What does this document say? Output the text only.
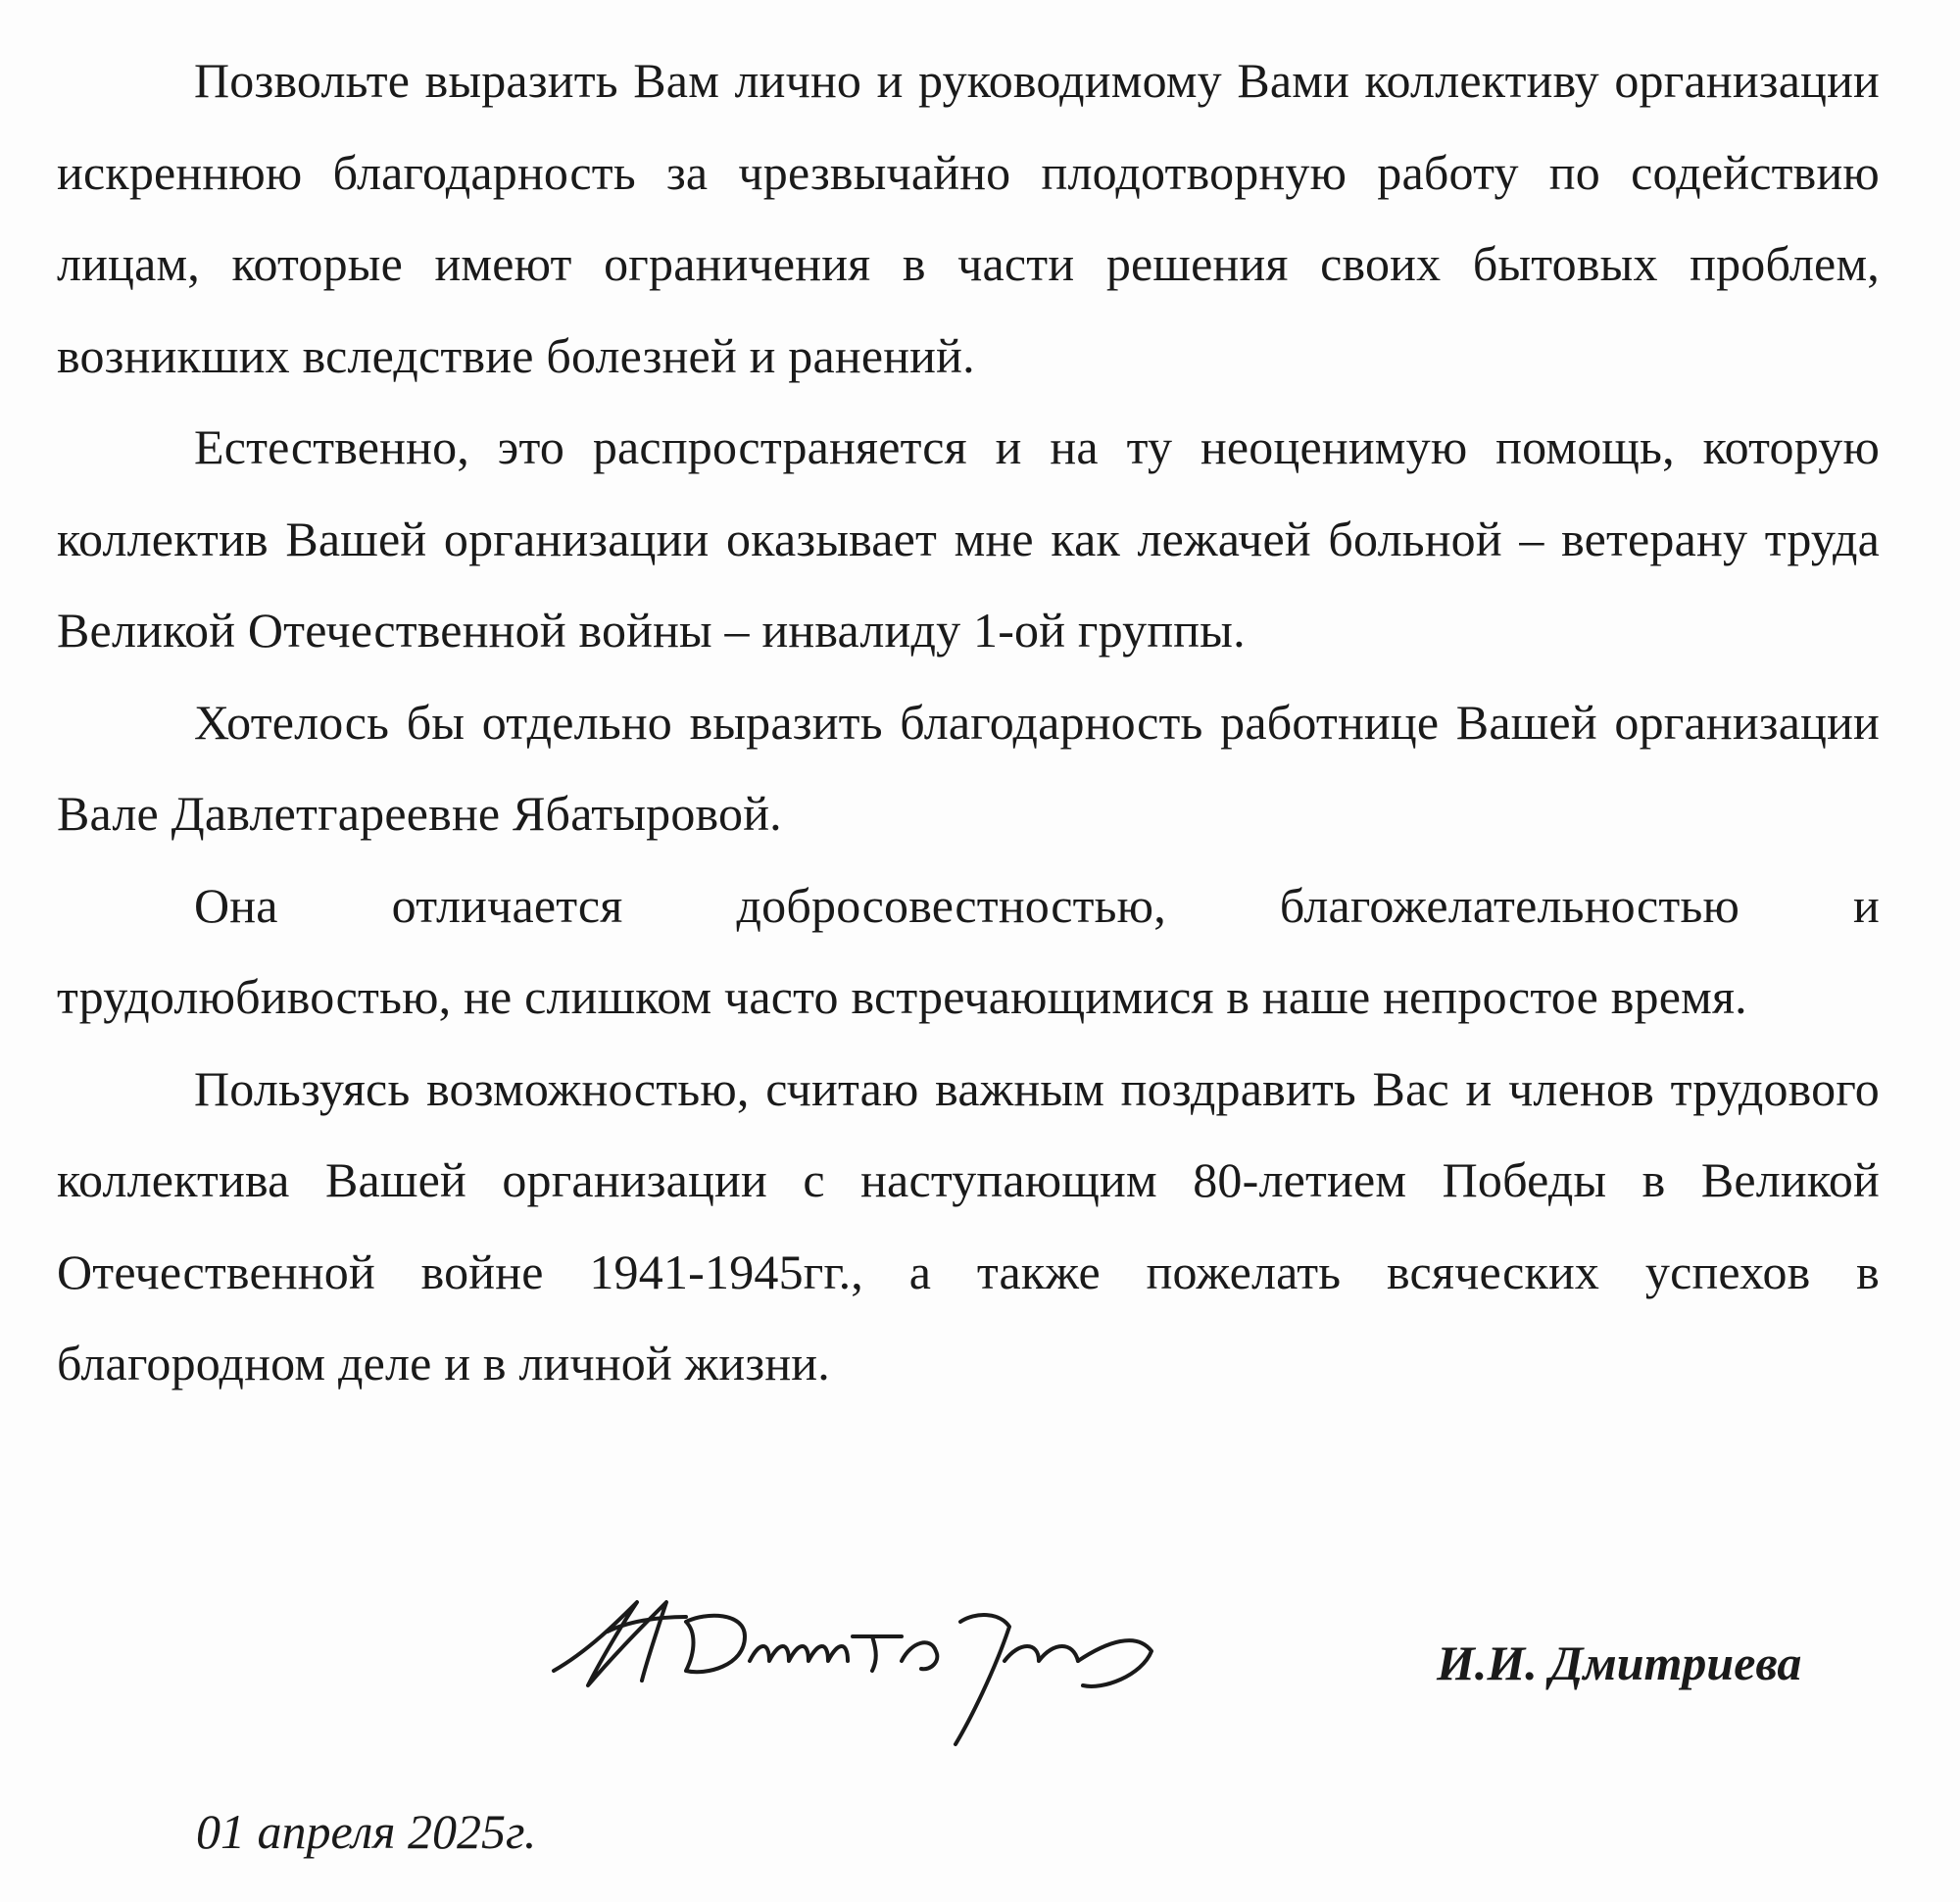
Позвольте выразить Вам лично и руководимому Вами коллективу организации искреннюю благодарность за чрезвычайно плодотворную работу по содействию лицам, которые имеют ограничения в части решения своих бытовых проблем, возникших вследствие болезней и ранений.

Естественно, это распространяется и на ту неоценимую помощь, которую коллектив Вашей организации оказывает мне как лежачей больной – ветерану труда Великой Отечественной войны – инвалиду 1-ой группы.

Хотелось бы отдельно выразить благодарность работнице Вашей организации Вале Давлетгареевне Ябатыровой.

Она отличается добросовестностью, благожелательностью и трудолюбивостью, не слишком часто встречающимися в наше непростое время.

Пользуясь возможностью, считаю важным поздравить Вас и членов трудового коллектива Вашей организации с наступающим 80-летием Победы в Великой Отечественной войне 1941-1945гг., а также пожелать всяческих успехов в благородном деле и в личной жизни.

И.И. Дмитриева
01 апреля 2025г.
